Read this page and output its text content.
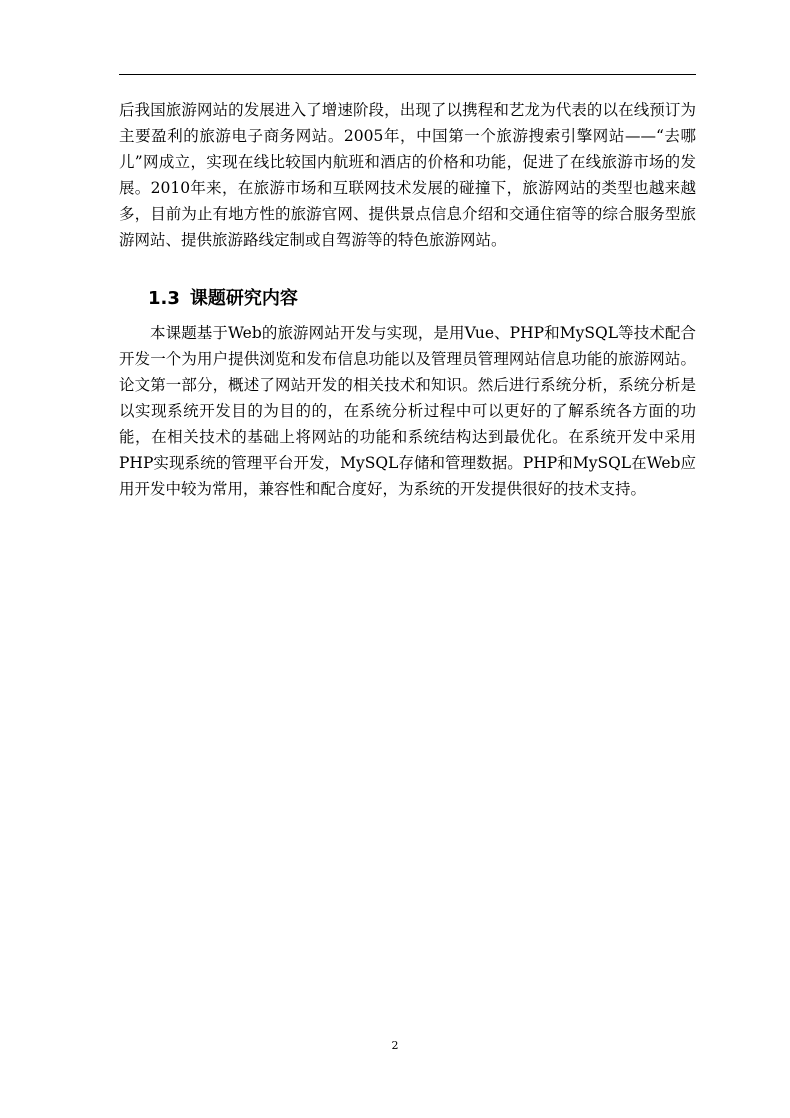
后我国旅游网站的发展进入了增速阶段，出现了以携程和艺龙为代表的以在线预订为主要盈利的旅游电子商务网站。2005年，中国第一个旅游搜索引擎网站——“去哪儿”网成立，实现在线比较国内航班和酒店的价格和功能，促进了在线旅游市场的发展。2010年来，在旅游市场和互联网技术发展的碰撞下，旅游网站的类型也越来越多，目前为止有地方性的旅游官网、提供景点信息介绍和交通住宿等的综合服务型旅游网站、提供旅游路线定制或自驾游等的特色旅游网站。

1.3 课题研究内容

本课题基于Web的旅游网站开发与实现，是用Vue、PHP和MySQL等技术配合开发一个为用户提供浏览和发布信息功能以及管理员管理网站信息功能的旅游网站。论文第一部分，概述了网站开发的相关技术和知识。然后进行系统分析，系统分析是以实现系统开发目的为目的的，在系统分析过程中可以更好的了解系统各方面的功能，在相关技术的基础上将网站的功能和系统结构达到最优化。在系统开发中采用PHP实现系统的管理平台开发，MySQL存储和管理数据。PHP和MySQL在Web应用开发中较为常用，兼容性和配合度好，为系统的开发提供很好的技术支持。

2
